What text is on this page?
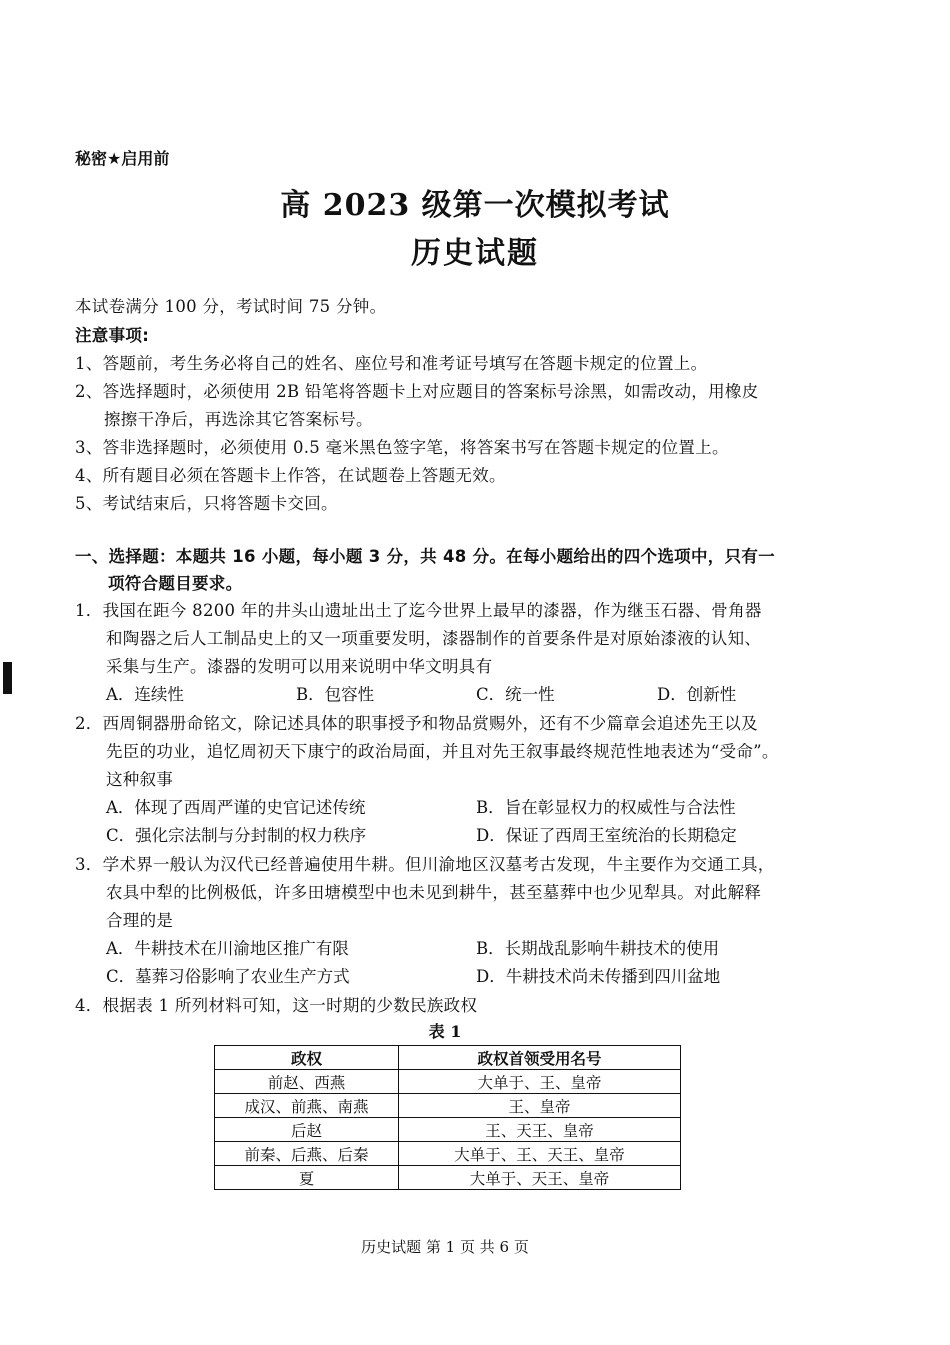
秘密★启用前
高 2023 级第一次模拟考试
历史试题
本试卷满分 100 分，考试时间 75 分钟。
注意事项:
1、答题前，考生务必将自己的姓名、座位号和准考证号填写在答题卡规定的位置上。
2、答选择题时，必须使用 2B 铅笔将答题卡上对应题目的答案标号涂黑，如需改动，用橡皮
擦擦干净后，再选涂其它答案标号。
3、答非选择题时，必须使用 0.5 毫米黑色签字笔，将答案书写在答题卡规定的位置上。
4、所有题目必须在答题卡上作答，在试题卷上答题无效。
5、考试结束后，只将答题卡交回。
一、选择题：本题共 16 小题，每小题 3 分，共 48 分。在每小题给出的四个选项中，只有一
项符合题目要求。
1．我国在距今 8200 年的井头山遗址出土了迄今世界上最早的漆器，作为继玉石器、骨角器
和陶器之后人工制品史上的又一项重要发明，漆器制作的首要条件是对原始漆液的认知、
采集与生产。漆器的发明可以用来说明中华文明具有
A．连续性	B．包容性	C．统一性	D．创新性
2．西周铜器册命铭文，除记述具体的职事授予和物品赏赐外，还有不少篇章会追述先王以及
先臣的功业，追忆周初天下康宁的政治局面，并且对先王叙事最终规范性地表述为“受命”。
这种叙事
A．体现了西周严谨的史官记述传统	B．旨在彰显权力的权威性与合法性
C．强化宗法制与分封制的权力秩序	D．保证了西周王室统治的长期稳定
3．学术界一般认为汉代已经普遍使用牛耕。但川渝地区汉墓考古发现，牛主要作为交通工具，
农具中犁的比例极低，许多田塘模型中也未见到耕牛，甚至墓葬中也少见犁具。对此解释
合理的是
A．牛耕技术在川渝地区推广有限	B．长期战乱影响牛耕技术的使用
C．墓葬习俗影响了农业生产方式	D．牛耕技术尚未传播到四川盆地
4．根据表 1 所列材料可知，这一时期的少数民族政权
表 1
政权	政权首领受用名号
前赵、西燕	大单于、王、皇帝
成汉、前燕、南燕	王、皇帝
后赵	王、天王、皇帝
前秦、后燕、后秦	大单于、王、天王、皇帝
夏	大单于、天王、皇帝
历史试题 第 1 页 共 6 页
